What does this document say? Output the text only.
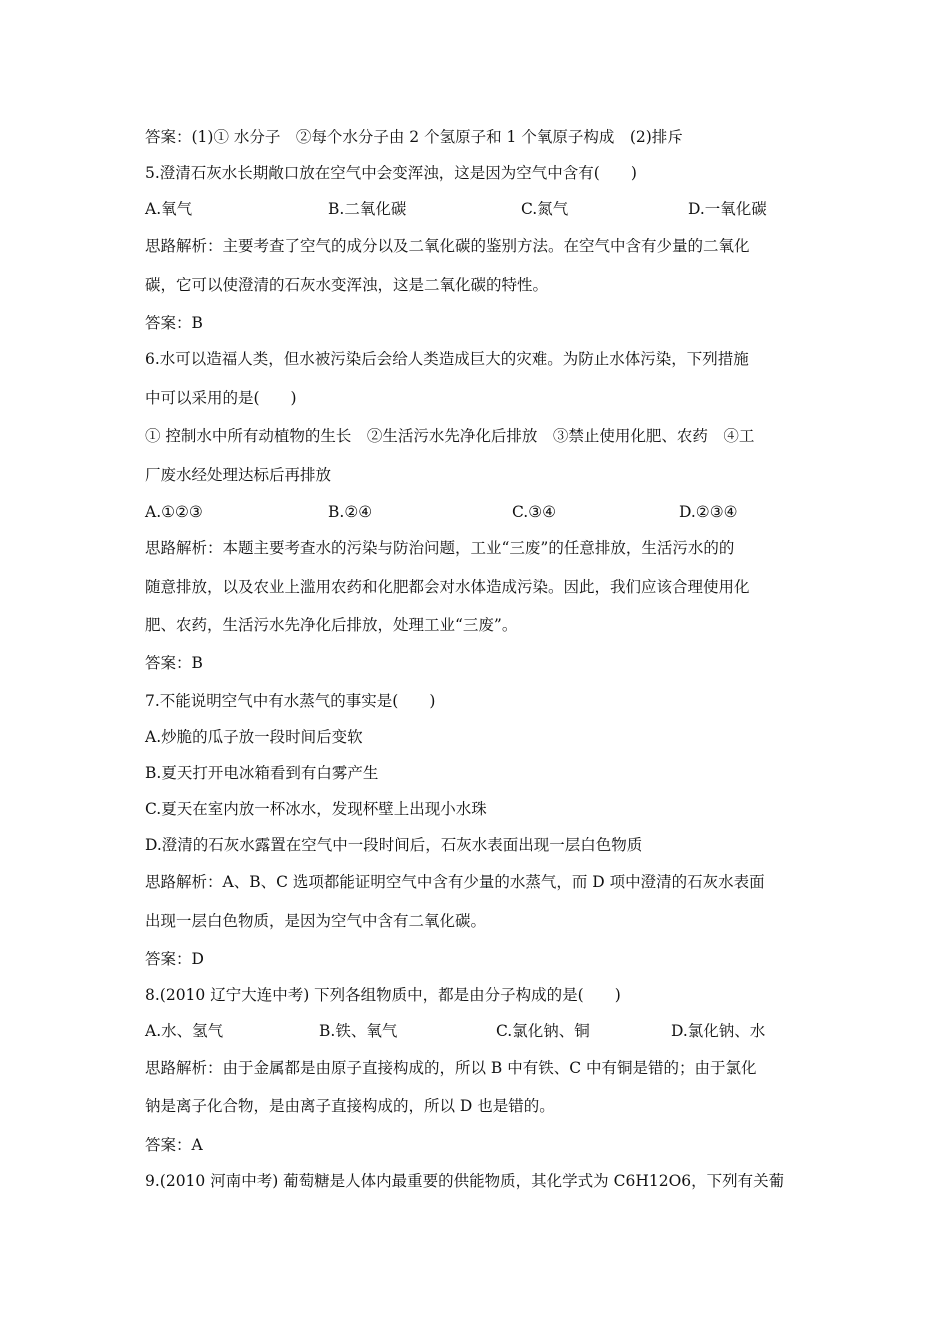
答案：(1)① 水分子　②每个水分子由 2 个氢原子和 1 个氧原子构成　(2)排斥
5.澄清石灰水长期敞口放在空气中会变浑浊，这是因为空气中含有(　　)
A.氧气	B.二氧化碳	C.氮气	D.一氧化碳
思路解析：主要考查了空气的成分以及二氧化碳的鉴别方法。在空气中含有少量的二氧化
碳，它可以使澄清的石灰水变浑浊，这是二氧化碳的特性。
答案：B
6.水可以造福人类，但水被污染后会给人类造成巨大的灾难。为防止水体污染，下列措施
中可以采用的是(　　)
① 控制水中所有动植物的生长　②生活污水先净化后排放　③禁止使用化肥、农药　④工
厂废水经处理达标后再排放
A.①②③	B.②④	C.③④	D.②③④
思路解析：本题主要考查水的污染与防治问题，工业“三废”的任意排放，生活污水的的
随意排放，以及农业上滥用农药和化肥都会对水体造成污染。因此，我们应该合理使用化
肥、农药，生活污水先净化后排放，处理工业“三废”。
答案：B
7.不能说明空气中有水蒸气的事实是(　　)
A.炒脆的瓜子放一段时间后变软
B.夏天打开电冰箱看到有白雾产生
C.夏天在室内放一杯冰水，发现杯壁上出现小水珠
D.澄清的石灰水露置在空气中一段时间后，石灰水表面出现一层白色物质
思路解析：A、B、C 选项都能证明空气中含有少量的水蒸气，而 D 项中澄清的石灰水表面
出现一层白色物质，是因为空气中含有二氧化碳。
答案：D
8.(2010 辽宁大连中考) 下列各组物质中，都是由分子构成的是(　　)
A.水、氢气	B.铁、氧气	C.氯化钠、铜	D.氯化钠、水
思路解析：由于金属都是由原子直接构成的，所以 B 中有铁、C 中有铜是错的；由于氯化
钠是离子化合物，是由离子直接构成的，所以 D 也是错的。
答案：A
9.(2010 河南中考) 葡萄糖是人体内最重要的供能物质，其化学式为 C6H12O6，下列有关葡
